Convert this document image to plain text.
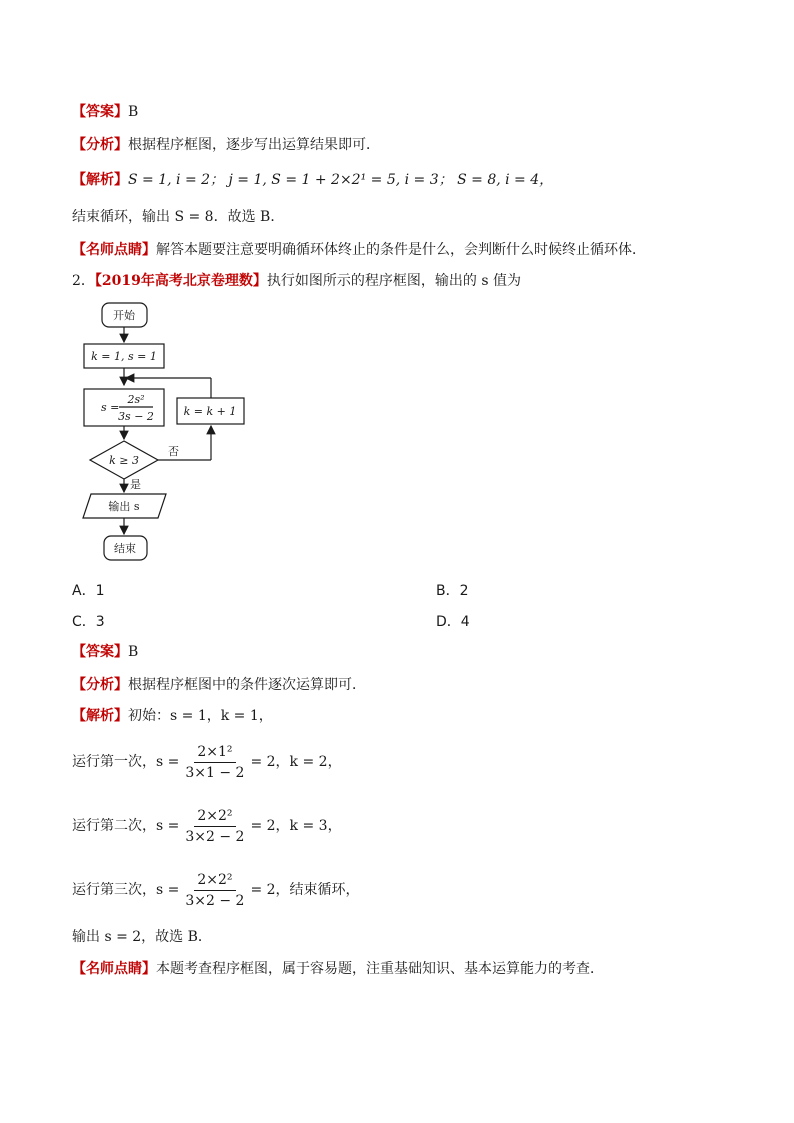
【答案】B
【分析】根据程序框图，逐步写出运算结果即可．
【解析】S = 1, i = 2； j = 1, S = 1 + 2×2¹ = 5, i = 3； S = 8, i = 4，
结束循环，输出 S = 8．故选 B．
【名师点睛】解答本题要注意要明确循环体终止的条件是什么，会判断什么时候终止循环体．
2．【2019年高考北京卷理数】执行如图所示的程序框图，输出的 s 值为
开始
k = 1, s = 1
s =
2s²
3s − 2
k ≥ 3
否
k = k + 1
是
输出 s
结束
A．1	B．2
C．3	D．4
【答案】B
【分析】根据程序框图中的条件逐次运算即可．
【解析】初始：s = 1，k = 1，
运行第一次，$s = \frac{\text{2×1²}}{3\times 1 - 2} = 2$，k = 2，
运行第二次，$s = \frac{\text{2×2²}}{3\times 2 - 2} = 2$，k = 3，
运行第三次，$s = \frac{\text{2×2²}}{3\times 2 - 2} = 2$，结束循环，
输出 s = 2，故选 B．
【名师点睛】本题考查程序框图，属于容易题，注重基础知识、基本运算能力的考查．
